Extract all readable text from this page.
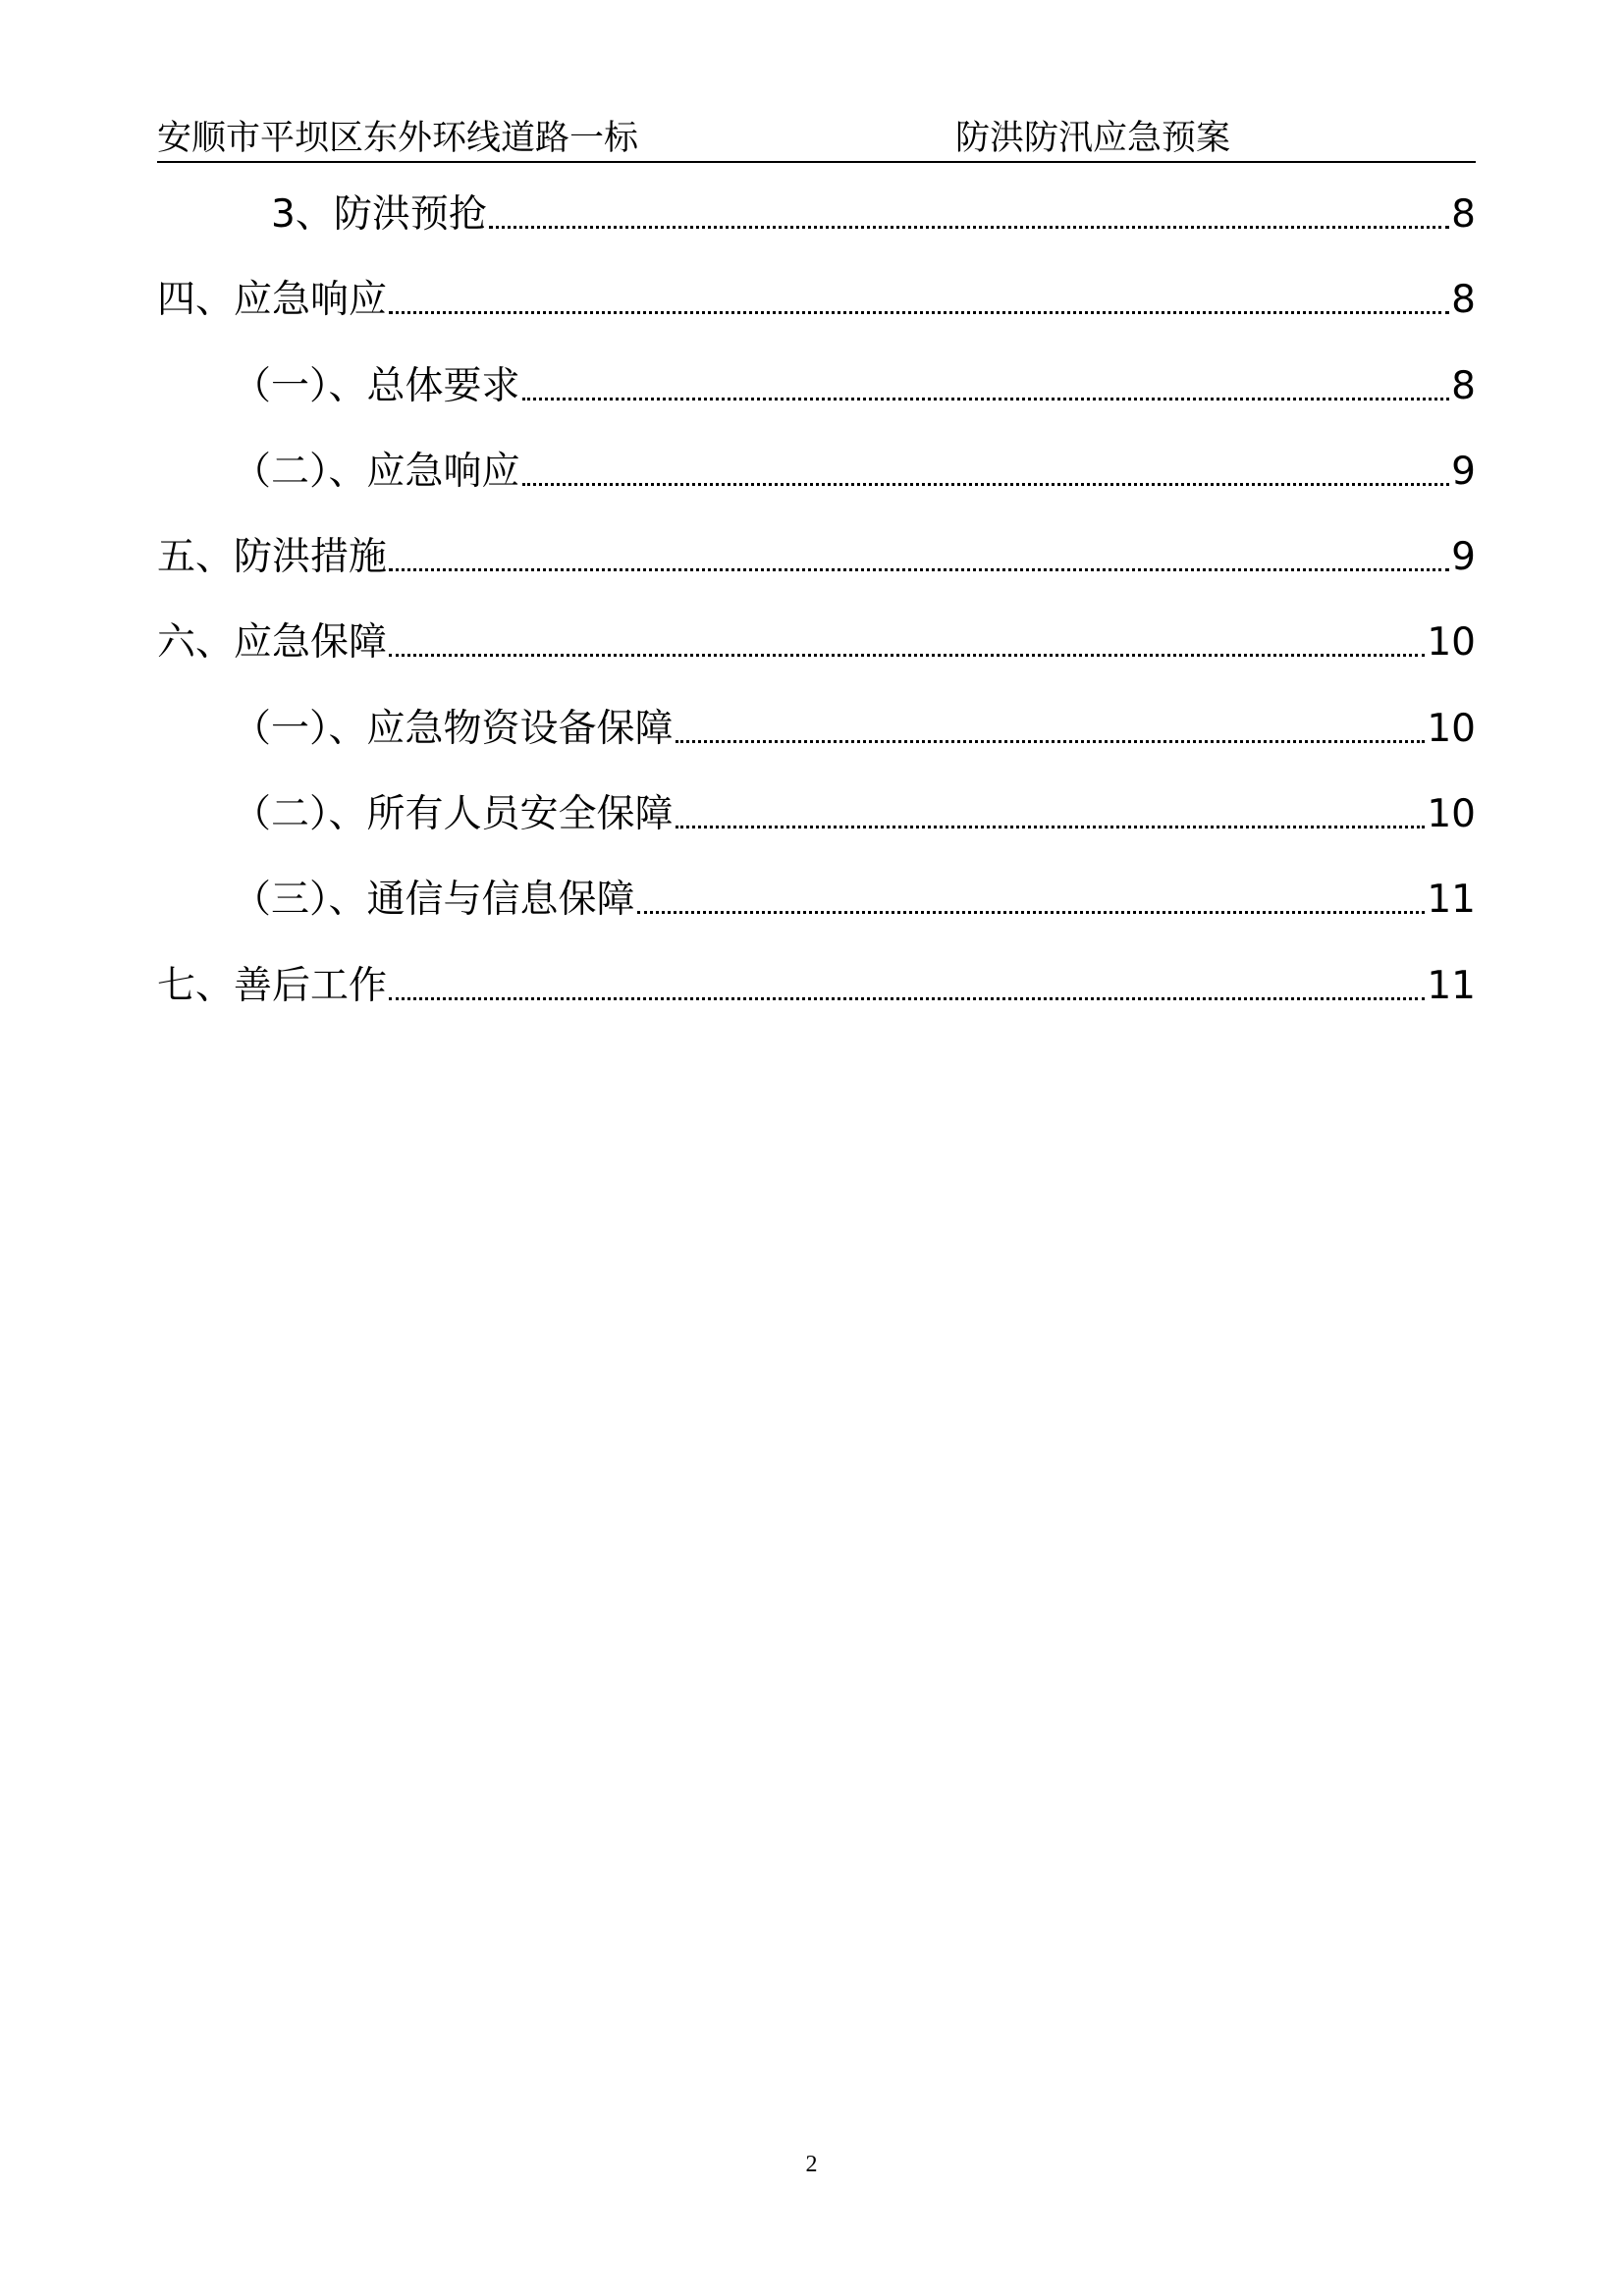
安顺市平坝区东外环线道路一标	防洪防汛应急预案
3、防洪预抢	8
四、应急响应	8
（一）、总体要求	8
（二）、应急响应	9
五、防洪措施	9
六、应急保障	10
（一）、应急物资设备保障	10
（二）、所有人员安全保障	10
（三）、通信与信息保障	11
七、善后工作	11
2
